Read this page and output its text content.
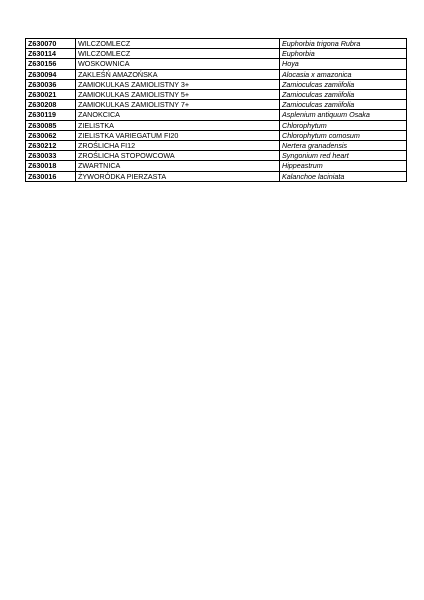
Z630070	WILCZOMLECZ	Euphorbia trigona Rubra
Z630114	WILCZOMLECZ	Euphorbia
Z630156	WOSKOWNICA	Hoya
Z630094	ZAKLEŚŃ AMAZOŃSKA	Alocasia x amazonica
Z630036	ZAMIOKULKAS ZAMIOLISTNY 3+	Zamioculcas zamiifolia
Z630021	ZAMIOKULKAS ZAMIOLISTNY 5+	Zamioculcas zamiifolia
Z630208	ZAMIOKULKAS ZAMIOLISTNY 7+	Zamioculcas zamiifolia
Z630119	ZANOKCICA	Asplenium antiquum Osaka
Z630085	ZIELISTKA	Chlorophytum
Z630062	ZIELISTKA VARIEGATUM FI20	Chlorophytum comosum
Z630212	ZROŚLICHA FI12	Nertera granadensis
Z630033	ZROŚLICHA STOPOWCOWA	Syngonium red heart
Z630018	ZWARTNICA	Hippeastrum
Z630016	ŻYWORÓDKA PIERZASTA	Kalanchoe laciniata
